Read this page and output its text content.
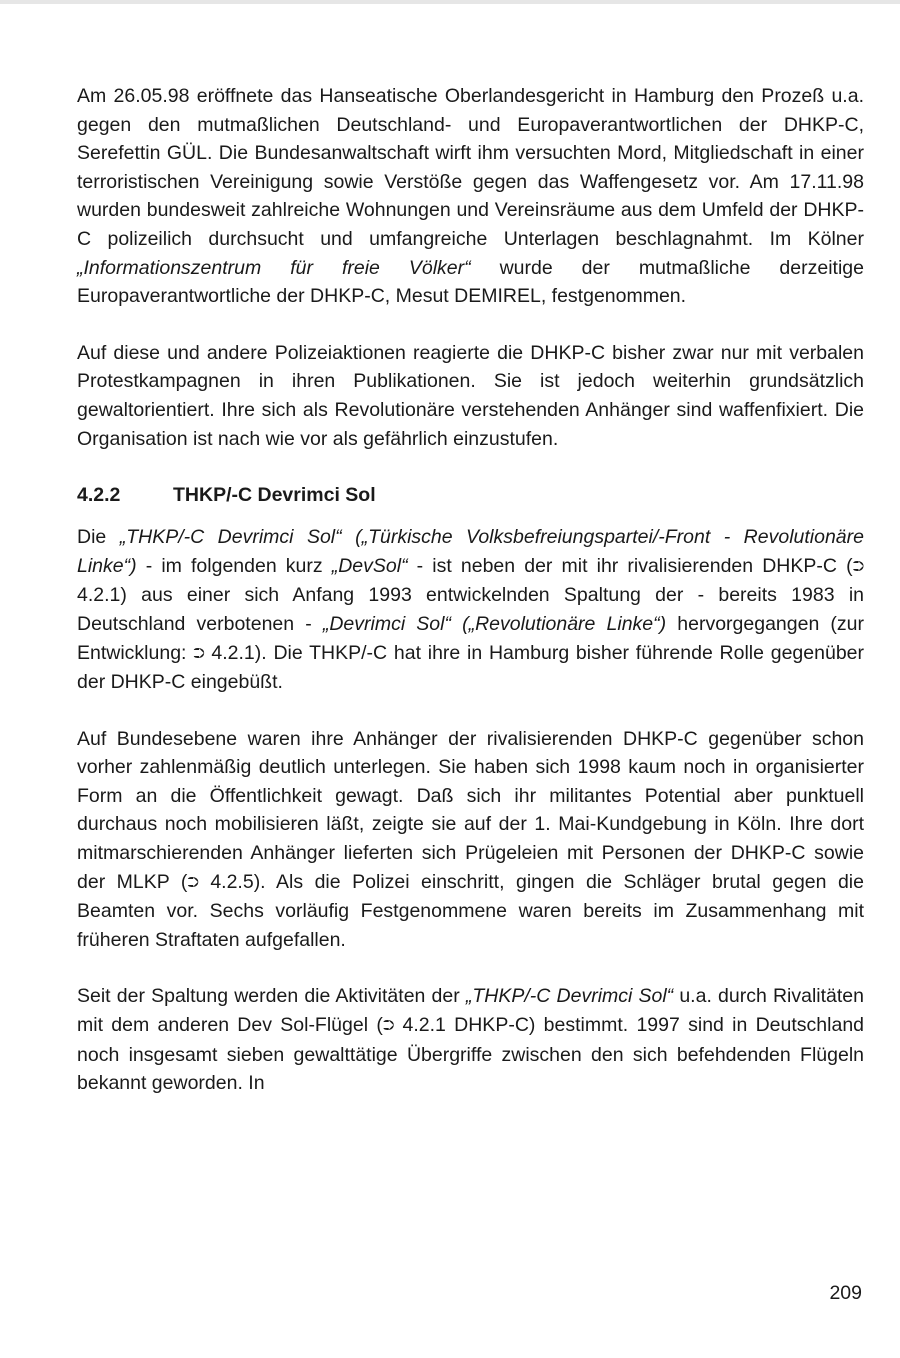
Am 26.05.98 eröffnete das Hanseatische Oberlandesgericht in Hamburg den Prozeß u.a. gegen den mutmaßlichen Deutschland- und Europaverantwortlichen der DHKP-C, Serefettin GÜL. Die Bundesanwaltschaft wirft ihm versuchten Mord, Mitgliedschaft in einer terroristischen Vereinigung sowie Verstöße gegen das Waffengesetz vor. Am 17.11.98 wurden bundesweit zahlreiche Wohnungen und Vereinsräume aus dem Umfeld der DHKP-C polizeilich durchsucht und umfangreiche Unterlagen beschlagnahmt. Im Kölner „Informationszentrum für freie Völker“ wurde der mutmaßliche derzeitige Europaverantwortliche der DHKP-C, Mesut DEMIREL, festgenommen.

Auf diese und andere Polizeiaktionen reagierte die DHKP-C bisher zwar nur mit verbalen Protestkampagnen in ihren Publikationen. Sie ist jedoch weiterhin grundsätzlich gewaltorientiert. Ihre sich als Revolutionäre verstehenden Anhänger sind waffenfixiert. Die Organisation ist nach wie vor als gefährlich einzustufen.

4.2.2	THKP/-C Devrimci Sol

Die „THKP/-C Devrimci Sol“ („Türkische Volksbefreiungspartei/-Front - Revolutionäre Linke“) - im folgenden kurz „DevSol“ - ist neben der mit ihr rivalisierenden DHKP-C (⮊ 4.2.1) aus einer sich Anfang 1993 entwickelnden Spaltung der - bereits 1983 in Deutschland verbotenen - „Devrimci Sol“ („Revolutionäre Linke“) hervorgegangen (zur Entwicklung: ⮊ 4.2.1). Die THKP/-C hat ihre in Hamburg bisher führende Rolle gegenüber der DHKP-C eingebüßt.

Auf Bundesebene waren ihre Anhänger der rivalisierenden DHKP-C gegenüber schon vorher zahlenmäßig deutlich unterlegen. Sie haben sich 1998 kaum noch in organisierter Form an die Öffentlichkeit gewagt. Daß sich ihr militantes Potential aber punktuell durchaus noch mobilisieren läßt, zeigte sie auf der 1. Mai-Kundgebung in Köln. Ihre dort mitmarschierenden Anhänger lieferten sich Prügeleien mit Personen der DHKP-C sowie der MLKP (⮊ 4.2.5). Als die Polizei einschritt, gingen die Schläger brutal gegen die Beamten vor. Sechs vorläufig Festgenommene waren bereits im Zusammenhang mit früheren Straftaten aufgefallen.

Seit der Spaltung werden die Aktivitäten der „THKP/-C Devrimci Sol“ u.a. durch Rivalitäten mit dem anderen Dev Sol-Flügel (⮊ 4.2.1 DHKP-C) bestimmt. 1997 sind in Deutschland noch insgesamt sieben gewalttätige Übergriffe zwischen den sich befehdenden Flügeln bekannt geworden. In

209
